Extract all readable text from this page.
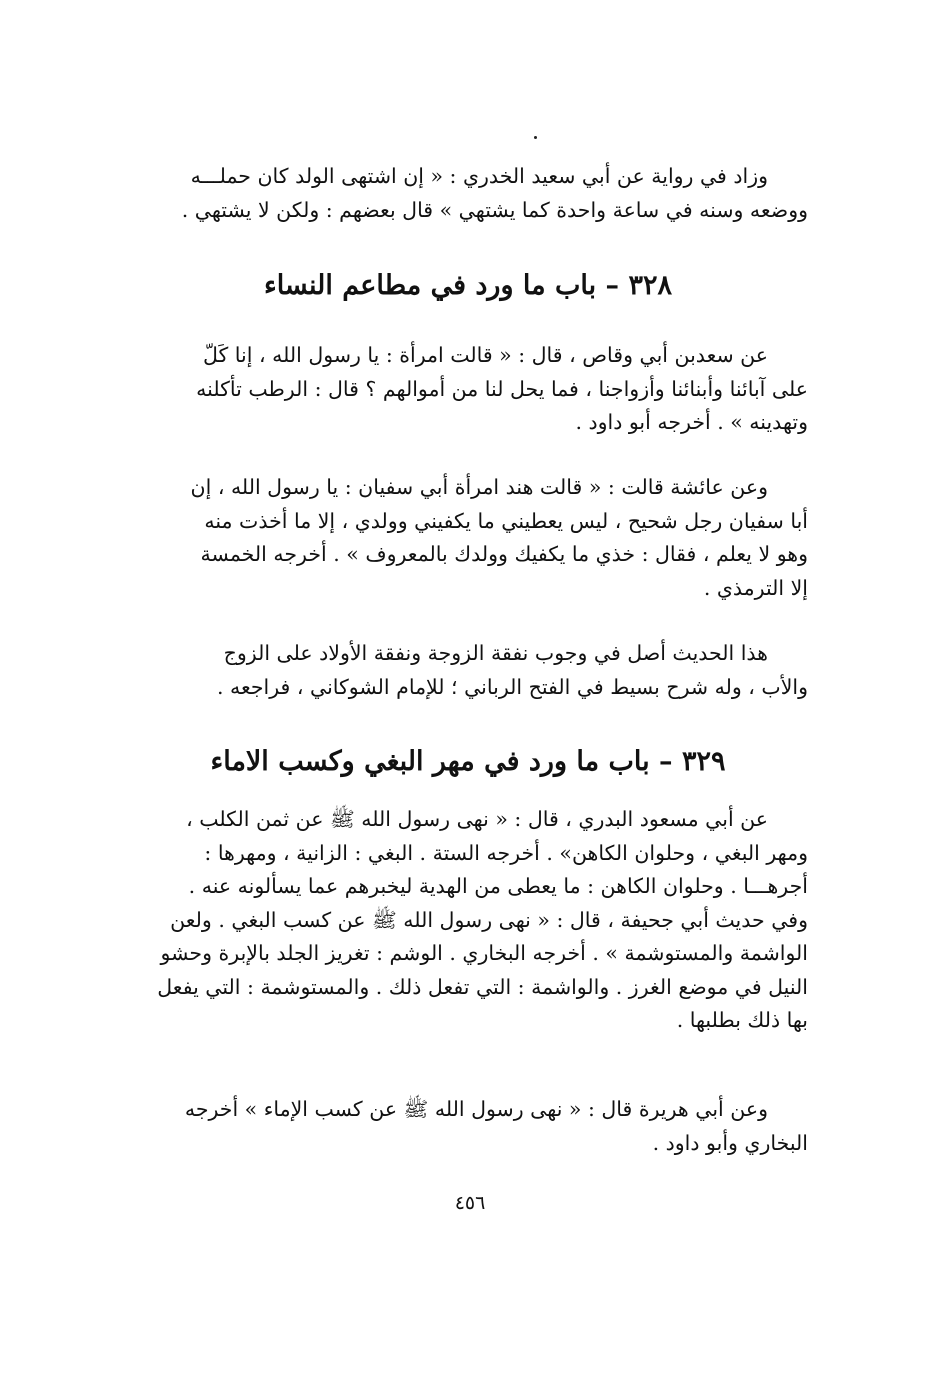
وزاد في رواية عن أبي سعيد الخدري : « إن اشتهى الولد كان حملـــه

ووضعه وسنه في ساعة واحدة كما يشتهي » قال بعضهم : ولكن لا يشتهي .

٣٢٨ – باب ما ورد في مطاعم النساء

عن سعدبن أبي وقاص ، قال : « قالت امرأة : يا رسول الله ، إنا كَلّ

على آبائنا وأبنائنا وأزواجنا ، فما يحل لنا من أموالهم ؟ قال : الرطب تأكلنه

وتهدينه » . أخرجه أبو داود .

وعن عائشة قالت : « قالت هند امرأة أبي سفيان : يا رسول الله ، إن

أبا سفيان رجل شحيح ، ليس يعطيني ما يكفيني وولدي ، إلا ما أخذت منه

وهو لا يعلم ، فقال : خذي ما يكفيك وولدك بالمعروف » . أخرجه الخمسة

إلا الترمذي .

هذا الحديث أصل في وجوب نفقة الزوجة ونفقة الأولاد على الزوج

والأب ، وله شرح بسيط في الفتح الرباني ؛ للإمام الشوكاني ، فراجعه .

٣٢٩ – باب ما ورد في مهر البغي وكسب الاماء

عن أبي مسعود البدري ، قال : « نهى رسول الله ﷺ عن ثمن الكلب ،

ومهر البغي ، وحلوان الكاهن» . أخرجه الستة . البغي : الزانية ، ومهرها :

أجرهـــا . وحلوان الكاهن : ما يعطى من الهدية ليخبرهم عما يسألونه عنه .

وفي حديث أبي جحيفة ، قال : « نهى رسول الله ﷺ عن كسب البغي . ولعن

الواشمة والمستوشمة » . أخرجه البخاري . الوشم : تغريز الجلد بالإبرة وحشو

النيل في موضع الغرز . والواشمة : التي تفعل ذلك . والمستوشمة : التي يفعل

بها ذلك بطلبها .

وعن أبي هريرة قال : « نهى رسول الله ﷺ عن كسب الإماء » أخرجه

البخاري وأبو داود .

٤٥٦
